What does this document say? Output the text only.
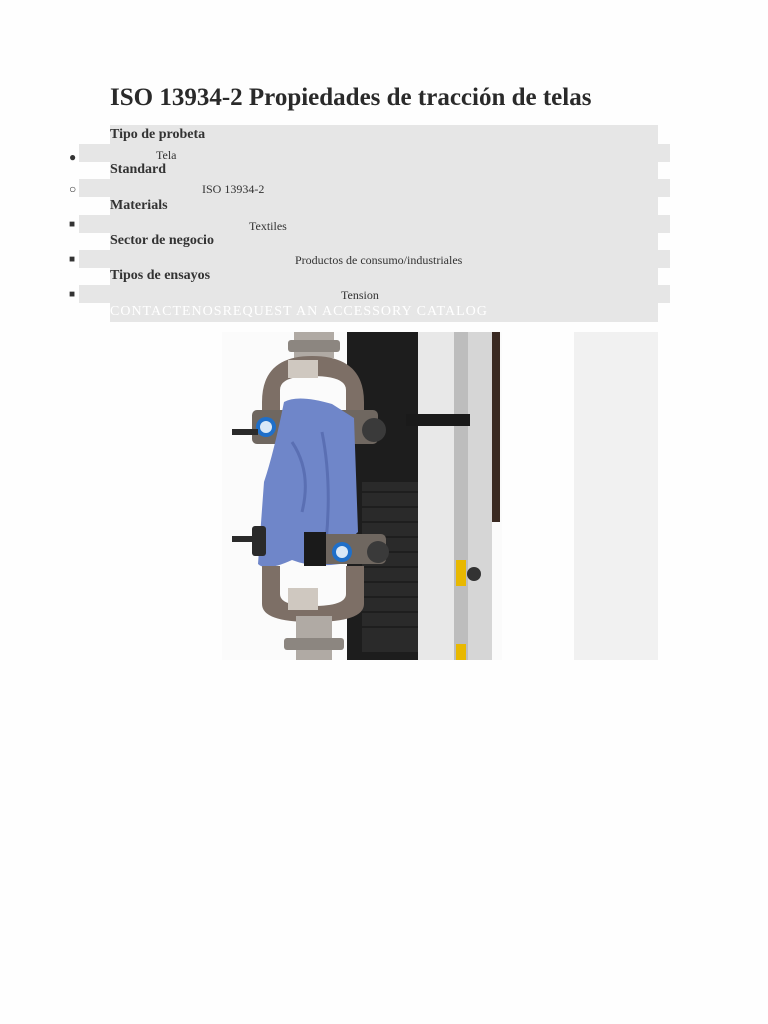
ISO 13934-2 Propiedades de tracción de telas
Tipo de probeta
●	Tela
Standard
○	ISO 13934-2
Materials
■	Textiles
Sector de negocio
■	Productos de consumo/industriales
Tipos de ensayos
■	Tension
CONTACTENOSREQUEST AN ACCESSORY CATALOG
